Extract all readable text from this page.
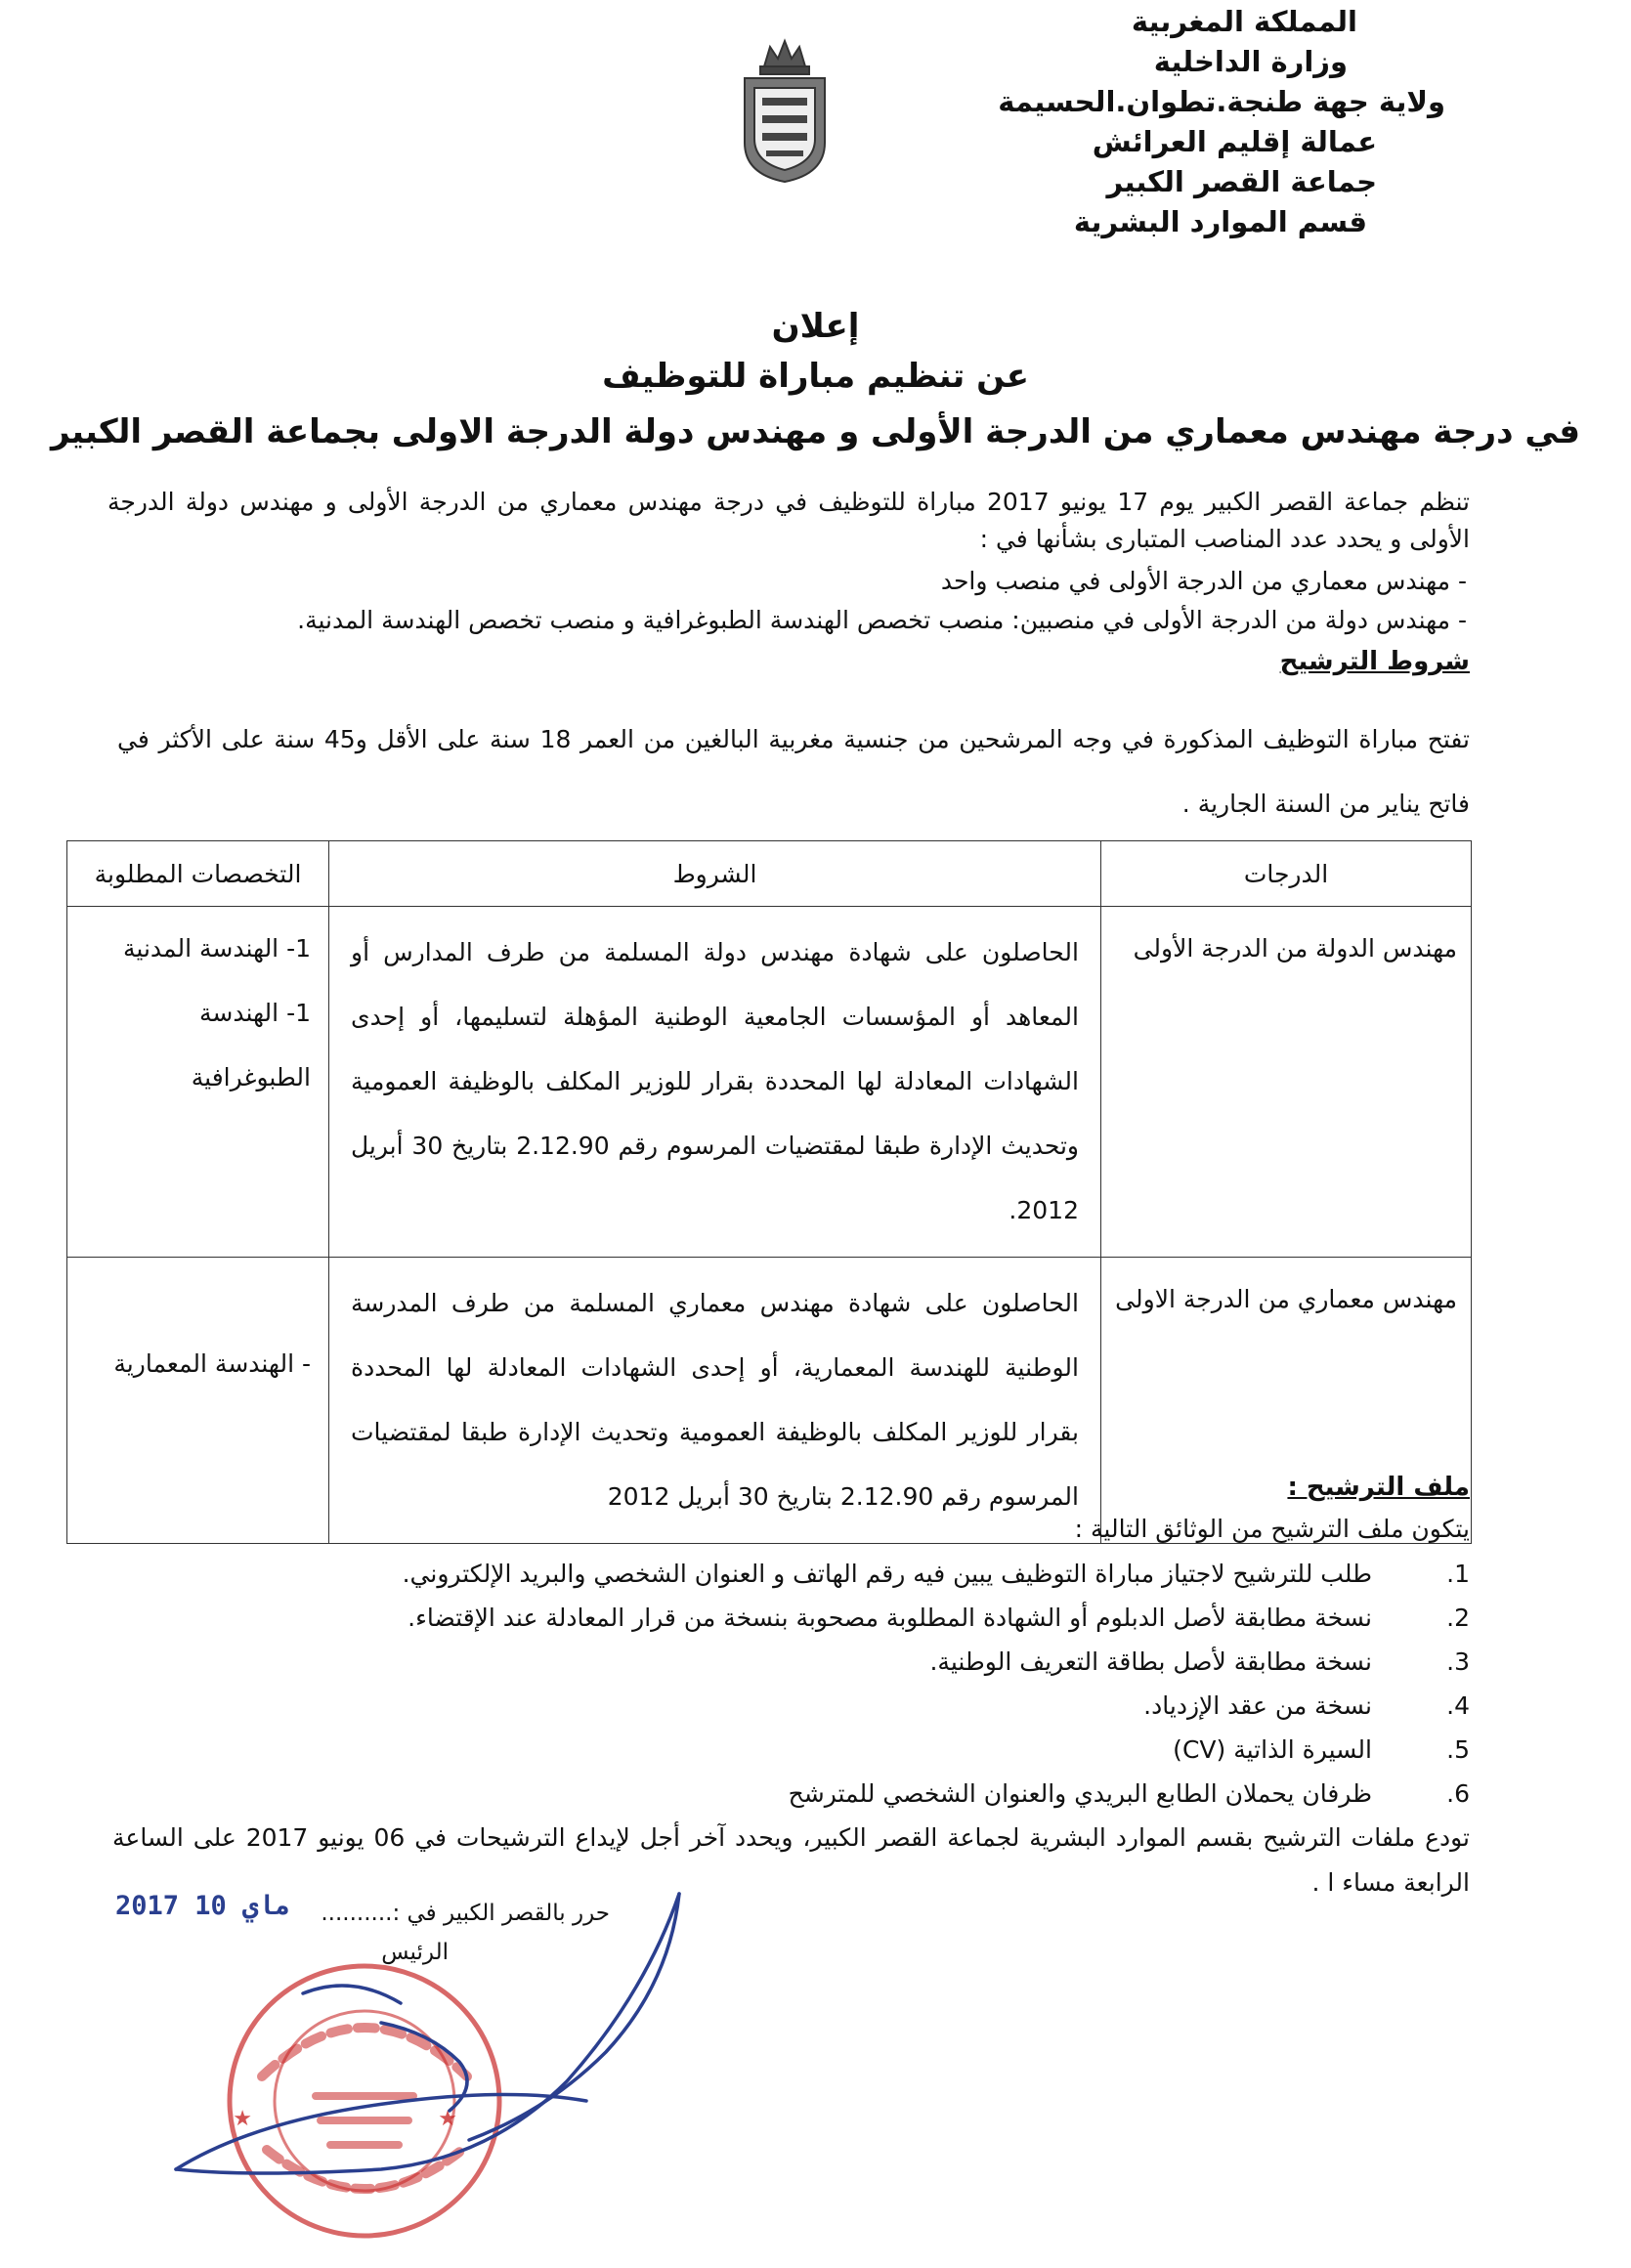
المملكة المغربية
وزارة الداخلية
ولاية جهة طنجة.تطوان.الحسيمة
عمالة إقليم العرائش
جماعة القصر الكبير
قسم الموارد البشرية
إعلان
عن تنظيم مباراة للتوظيف
في درجة مهندس معماري من الدرجة الأولى و مهندس دولة الدرجة الاولى بجماعة القصر الكبير
تنظم جماعة القصر الكبير يوم 17 يونيو 2017 مباراة للتوظيف في درجة مهندس معماري من الدرجة الأولى و مهندس دولة الدرجة الأولى و يحدد عدد المناصب المتبارى بشأنها في :
- مهندس معماري من الدرجة الأولى في منصب واحد
- مهندس دولة من الدرجة الأولى في منصبين: منصب تخصص الهندسة الطبوغرافية و منصب تخصص الهندسة المدنية.
شروط الترشيح
تفتح مباراة التوظيف المذكورة في وجه المرشحين من جنسية مغربية البالغين من العمر 18 سنة على الأقل و45 سنة على الأكثر في فاتح يناير من السنة الجارية .
الدرجات	الشروط	التخصصات المطلوبة
مهندس الدولة من الدرجة الأولى	الحاصلون على شهادة مهندس دولة المسلمة من طرف المدارس أو المعاهد أو المؤسسات الجامعية الوطنية المؤهلة لتسليمها، أو إحدى الشهادات المعادلة لها المحددة بقرار للوزير المكلف بالوظيفة العمومية وتحديث الإدارة طبقا لمقتضيات المرسوم رقم 2.12.90 بتاريخ 30 أبريل 2012.	1- الهندسة المدنية
1- الهندسة الطبوغرافية

مهندس معماري من الدرجة الاولى	الحاصلون على شهادة مهندس معماري المسلمة من طرف المدرسة الوطنية للهندسة المعمارية، أو إحدى الشهادات المعادلة لها المحددة بقرار للوزير المكلف بالوظيفة العمومية وتحديث الإدارة طبقا لمقتضيات المرسوم رقم 2.12.90 بتاريخ 30 أبريل 2012	- الهندسة المعمارية
ملف الترشيح :
يتكون ملف الترشيح من الوثائق التالية :
1.
طلب للترشيح لاجتياز مباراة التوظيف يبين فيه رقم الهاتف و العنوان الشخصي والبريد الإلكتروني.
2.
نسخة مطابقة لأصل الدبلوم أو الشهادة المطلوبة مصحوبة بنسخة من قرار المعادلة عند الإقتضاء.
3.
نسخة مطابقة لأصل بطاقة التعريف الوطنية.
4.
نسخة من عقد الإزدياد.
5.
السيرة الذاتية (CV)
6.
ظرفان يحملان الطابع البريدي والعنوان الشخصي للمترشح
تودع ملفات الترشيح بقسم الموارد البشرية لجماعة القصر الكبير، ويحدد آخر أجل لإيداع الترشيحات في 06 يونيو 2017 على الساعة الرابعة مساء ا .
★	★
حرر بالقصر الكبير في :..........
2017 ماي 10
الرئيس
